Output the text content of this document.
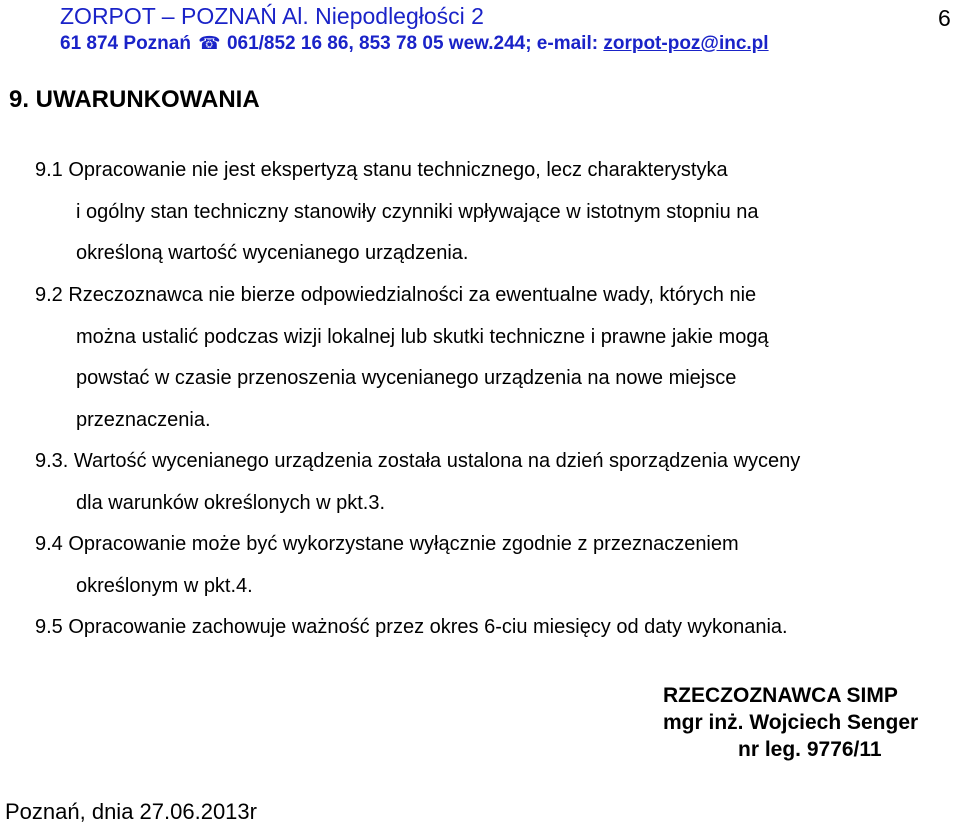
ZORPOT – POZNAŃ Al. Niepodległości 2
61 874 Poznań ☎ 061/852 16 86, 853 78 05 wew.244; e-mail: zorpot-poz@inc.pl
6
9. UWARUNKOWANIA
9.1 Opracowanie nie jest ekspertyzą stanu technicznego, lecz charakterystyka
i ogólny stan techniczny stanowiły czynniki wpływające w istotnym stopniu na
określoną wartość wycenianego urządzenia.
9.2 Rzeczoznawca nie bierze odpowiedzialności za ewentualne wady, których nie
można ustalić podczas wizji lokalnej lub skutki techniczne i prawne jakie mogą
powstać w czasie przenoszenia wycenianego urządzenia na nowe miejsce
przeznaczenia.
9.3. Wartość wycenianego urządzenia została ustalona na dzień sporządzenia wyceny
dla warunków określonych w pkt.3.
9.4 Opracowanie może być wykorzystane wyłącznie zgodnie z przeznaczeniem
określonym w pkt.4.
9.5 Opracowanie zachowuje ważność przez okres 6-ciu miesięcy od daty wykonania.
RZECZOZNAWCA SIMP
mgr inż. Wojciech Senger
nr leg. 9776/11
Poznań, dnia 27.06.2013r
